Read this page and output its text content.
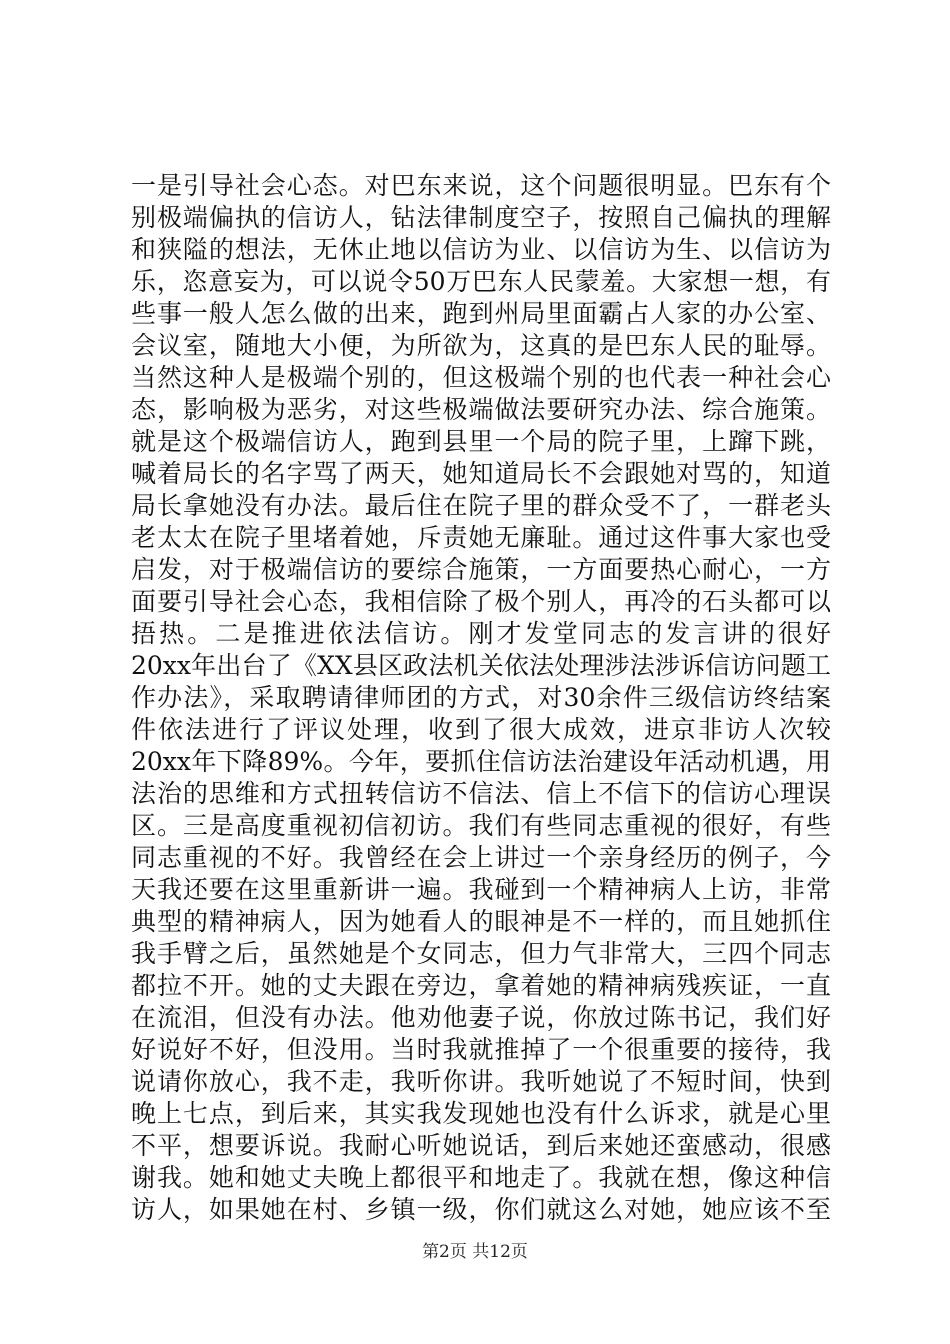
一是引导社会心态。对巴东来说，这个问题很明显。巴东有个
别极端偏执的信访人，钻法律制度空子，按照自己偏执的理解
和狭隘的想法，无休止地以信访为业、以信访为生、以信访为
乐，恣意妄为，可以说令50万巴东人民蒙羞。大家想一想，有
些事一般人怎么做的出来，跑到州局里面霸占人家的办公室、
会议室，随地大小便，为所欲为，这真的是巴东人民的耻辱。
当然这种人是极端个别的，但这极端个别的也代表一种社会心
态，影响极为恶劣，对这些极端做法要研究办法、综合施策。
就是这个极端信访人，跑到县里一个局的院子里，上蹿下跳，
喊着局长的名字骂了两天，她知道局长不会跟她对骂的，知道
局长拿她没有办法。最后住在院子里的群众受不了，一群老头
老太太在院子里堵着她，斥责她无廉耻。通过这件事大家也受
启发，对于极端信访的要综合施策，一方面要热心耐心，一方
面要引导社会心态，我相信除了极个别人，再冷的石头都可以
捂热。二是推进依法信访。刚才发堂同志的发言讲的很好
20xx年出台了《XX县区政法机关依法处理涉法涉诉信访问题工
作办法》，采取聘请律师团的方式，对30余件三级信访终结案
件依法进行了评议处理，收到了很大成效，进京非访人次较
20xx年下降89%。今年，要抓住信访法治建设年活动机遇，用
法治的思维和方式扭转信访不信法、信上不信下的信访心理误
区。三是高度重视初信初访。我们有些同志重视的很好，有些
同志重视的不好。我曾经在会上讲过一个亲身经历的例子，今
天我还要在这里重新讲一遍。我碰到一个精神病人上访，非常
典型的精神病人，因为她看人的眼神是不一样的，而且她抓住
我手臂之后，虽然她是个女同志，但力气非常大，三四个同志
都拉不开。她的丈夫跟在旁边，拿着她的精神病残疾证，一直
在流泪，但没有办法。他劝他妻子说，你放过陈书记，我们好
好说好不好，但没用。当时我就推掉了一个很重要的接待，我
说请你放心，我不走，我听你讲。我听她说了不短时间，快到
晚上七点，到后来，其实我发现她也没有什么诉求，就是心里
不平，想要诉说。我耐心听她说话，到后来她还蛮感动，很感
谢我。她和她丈夫晚上都很平和地走了。我就在想，像这种信
访人，如果她在村、乡镇一级，你们就这么对她，她应该不至
第2页 共12页
